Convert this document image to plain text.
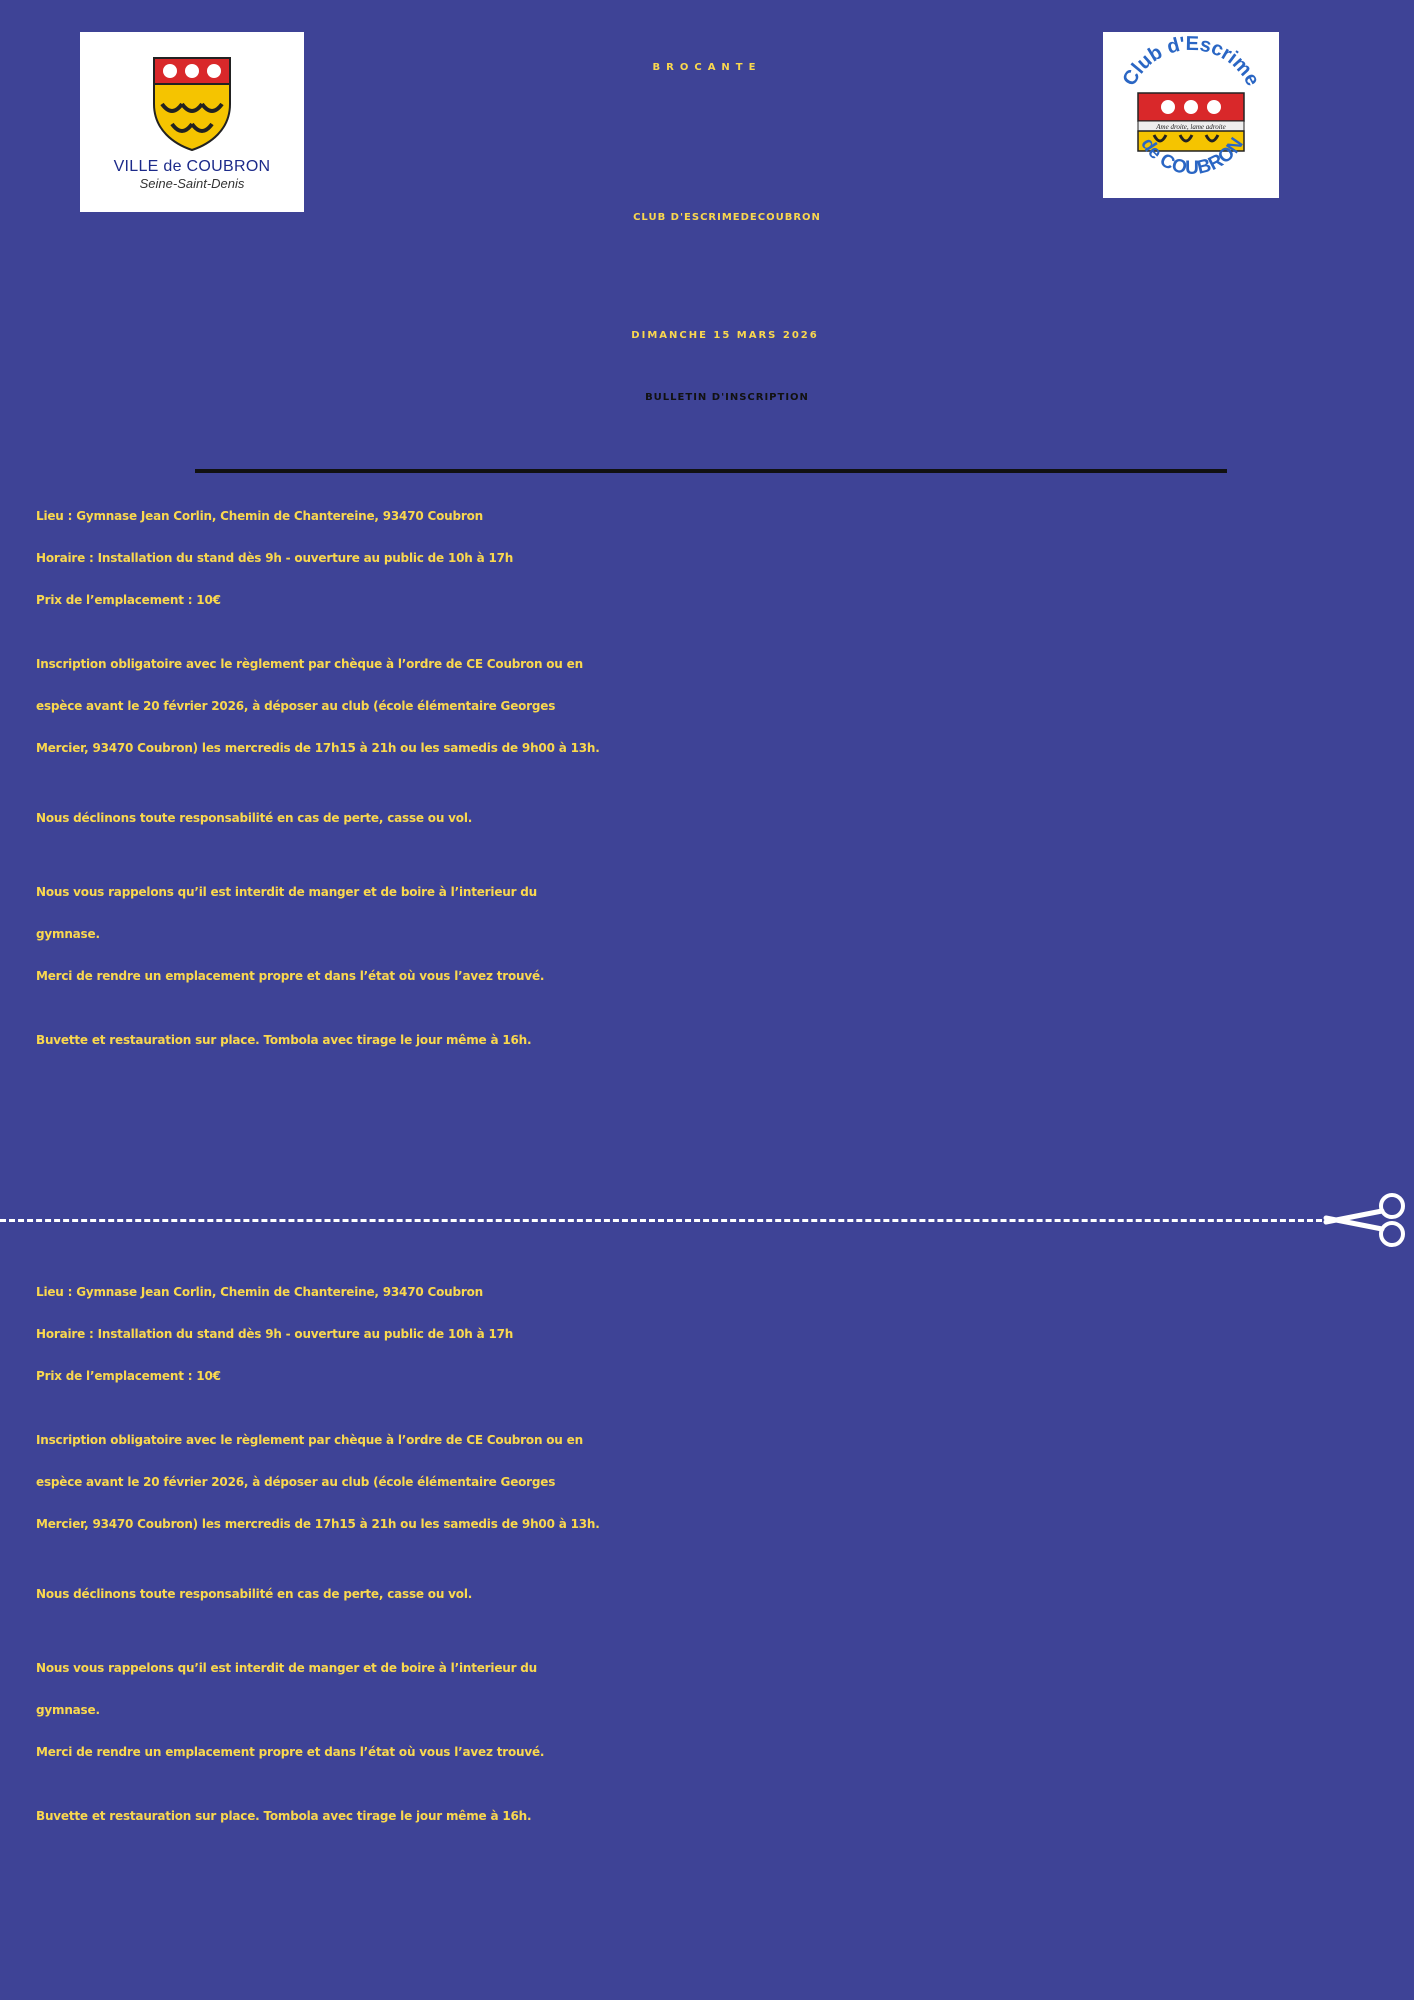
VILLE de COUBRON
Seine-Saint-Denis
Club d'Escrime
Ame droite, lame adroite
de COUBRON
BROCANTE
CLUB D'ESCRIMEDECOUBRON
DIMANCHE 15 MARS 2026
BULLETIN D'INSCRIPTION

Lieu : Gymnase Jean Corlin, Chemin de Chantereine, 93470 Coubron

Horaire : Installation du stand dès 9h - ouverture au public de 10h à 17h

Prix de l’emplacement : 10€

Inscription obligatoire avec le règlement par chèque à l’ordre de CE Coubron ou en

espèce avant le 20 février 2026, à déposer au club (école élémentaire Georges

Mercier, 93470 Coubron) les mercredis de 17h15 à 21h ou les samedis de 9h00 à 13h.

Nous déclinons toute responsabilité en cas de perte, casse ou vol.

Nous vous rappelons qu’il est interdit de manger et de boire à l’interieur du

gymnase.

Merci de rendre un emplacement propre et dans l’état où vous l’avez trouvé.

Buvette et restauration sur place. Tombola avec tirage le jour même à 16h.

Lieu : Gymnase Jean Corlin, Chemin de Chantereine, 93470 Coubron

Horaire : Installation du stand dès 9h - ouverture au public de 10h à 17h

Prix de l’emplacement : 10€

Inscription obligatoire avec le règlement par chèque à l’ordre de CE Coubron ou en

espèce avant le 20 février 2026, à déposer au club (école élémentaire Georges

Mercier, 93470 Coubron) les mercredis de 17h15 à 21h ou les samedis de 9h00 à 13h.

Nous déclinons toute responsabilité en cas de perte, casse ou vol.

Nous vous rappelons qu’il est interdit de manger et de boire à l’interieur du

gymnase.

Merci de rendre un emplacement propre et dans l’état où vous l’avez trouvé.

Buvette et restauration sur place. Tombola avec tirage le jour même à 16h.
